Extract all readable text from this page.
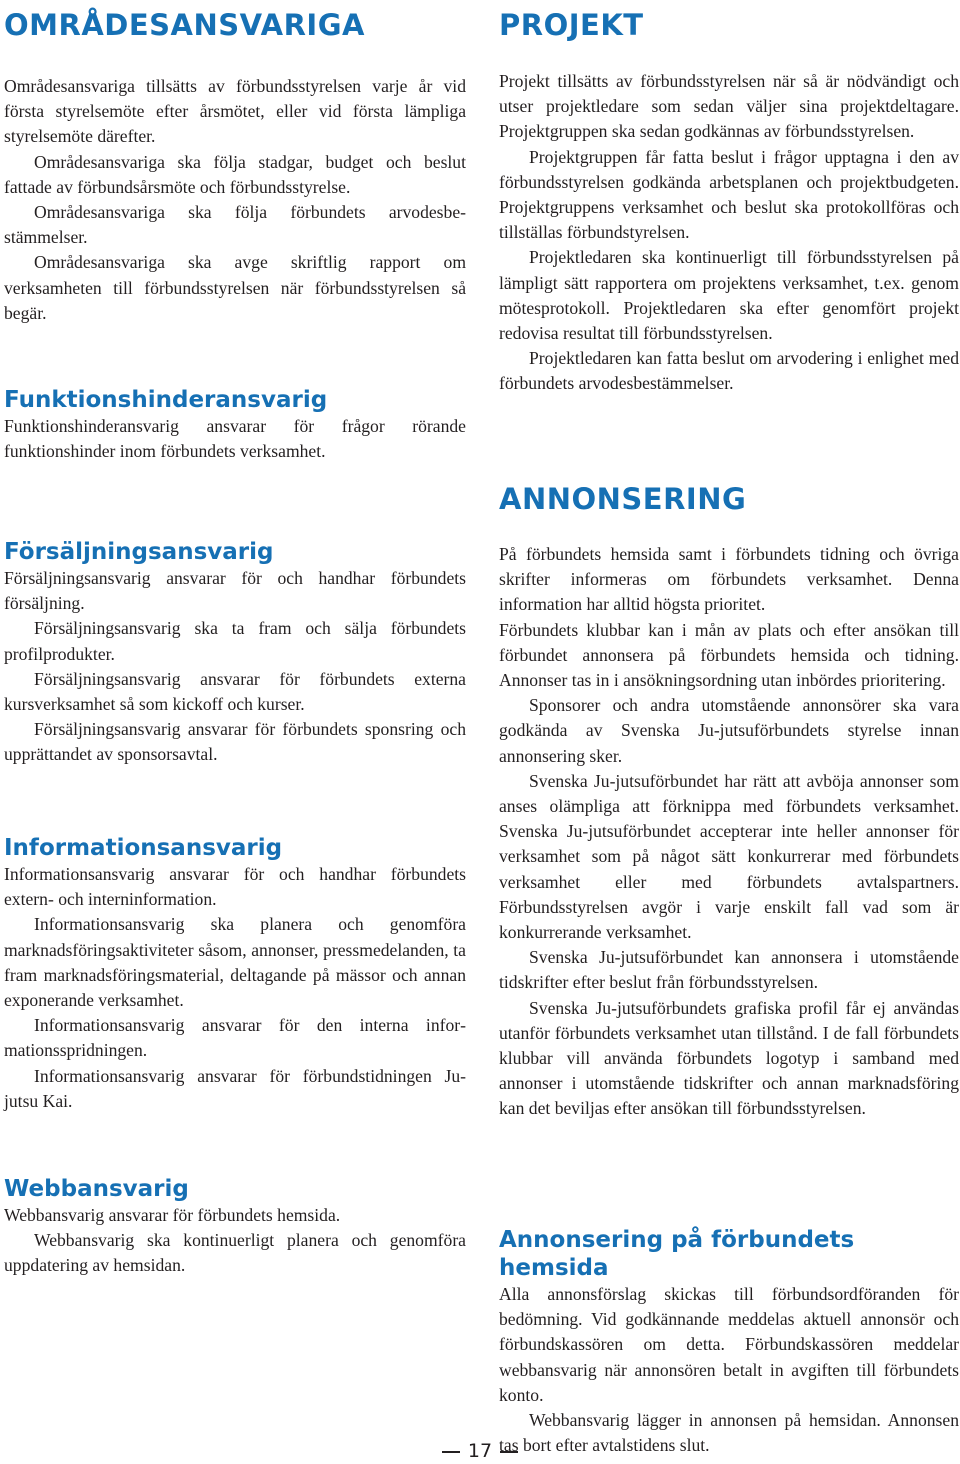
OMRÅDESANSVARIGA

Områdesansvariga tillsätts av förbundsstyrelsen varje år vid första styrelsemöte efter årsmötet, eller vid första lämpliga styrelsemöte därefter.

Områdesansvariga ska följa stadgar, budget och beslut fattade av förbundsårsmöte och förbundsstyrelse.

Områdesansvariga ska följa förbundets arvodesbestämmelser.

Områdesansvariga ska avge skriftlig rapport om verksamheten till förbundsstyrelsen när förbundsstyrelsen så begär.

Funktionshinderansvarig

Funktionshinderansvarig ansvarar för frågor rörande funktionshinder inom förbundets verksamhet.

Försäljningsansvarig

Försäljningsansvarig ansvarar för och handhar förbundets försäljning.

Försäljningsansvarig ska ta fram och sälja förbundets profilprodukter.

Försäljningsansvarig ansvarar för förbundets externa kursverksamhet så som kickoff och kurser.

Försäljningsansvarig ansvarar för förbundets sponsring och upprättandet av sponsorsavtal.

Informationsansvarig

Informationsansvarig ansvarar för och handhar förbundets extern- och interninformation.

Informationsansvarig ska planera och genomföra marknadsföringsaktiviteter såsom, annonser, pressmedelanden, ta fram marknadsföringsmaterial, deltagande på mässor och annan exponerande verksamhet.

Informationsansvarig ansvarar för den interna informationsspridningen.

Informationsansvarig ansvarar för förbundstidningen Ju-jutsu Kai.

Webbansvarig

Webbansvarig ansvarar för förbundets hemsida.

Webbansvarig ska kontinuerligt planera och genomföra uppdatering av hemsidan.

PROJEKT

Projekt tillsätts av förbundsstyrelsen när så är nödvändigt och utser projektledare som sedan väljer sina projektdeltagare. Projektgruppen ska sedan godkännas av förbundsstyrelsen.

Projektgruppen får fatta beslut i frågor upptagna i den av förbundsstyrelsen godkända arbetsplanen och projektbudgeten. Projektgruppens verksamhet och beslut ska protokollföras och tillställas förbundstyrelsen.

Projektledaren ska kontinuerligt till förbundsstyrelsen på lämpligt sätt rapportera om projektens verksamhet, t.ex. genom mötesprotokoll. Projektledaren ska efter genomfört projekt redovisa resultat till förbundsstyrelsen.

Projektledaren kan fatta beslut om arvodering i enlighet med förbundets arvodesbestämmelser.

ANNONSERING

På förbundets hemsida samt i förbundets tidning och övriga skrifter informeras om förbundets verksamhet. Denna information har alltid högsta prioritet.

Förbundets klubbar kan i mån av plats och efter ansökan till förbundet annonsera på förbundets hemsida och tidning. Annonser tas in i ansökningsordning utan inbördes prioritering.

Sponsorer och andra utomstående annonsörer ska vara godkända av Svenska Ju-jutsuförbundets styrelse innan annonsering sker.

Svenska Ju-jutsuförbundet har rätt att avböja annonser som anses olämpliga att förknippa med förbundets verksamhet. Svenska Ju-jutsuförbundet accepterar inte heller annonser för verksamhet som på något sätt konkurrerar med förbundets verksamhet eller med förbundets avtalspartners. Förbundsstyrelsen avgör i varje enskilt fall vad som är konkurrerande verksamhet.

Svenska Ju-jutsuförbundet kan annonsera i utomstående tidskrifter efter beslut från förbundsstyrelsen.

Svenska Ju-jutsuförbundets grafiska profil får ej användas utanför förbundets verksamhet utan tillstånd. I de fall förbundets klubbar vill använda förbundets logotyp i samband med annonser i utomstående tidskrifter och annan marknadsföring kan det beviljas efter ansökan till förbundsstyrelsen.

Annonsering på förbundets hemsida

Alla annonsförslag skickas till förbundsordföranden för bedömning. Vid godkännande meddelas aktuell annonsör och förbundskassören om detta. Förbundskassören meddelar webbansvarig när annonsören betalt in avgiften till förbundets konto.

Webbansvarig lägger in annonsen på hemsidan. Annonsen tas bort efter avtalstidens slut.

17
